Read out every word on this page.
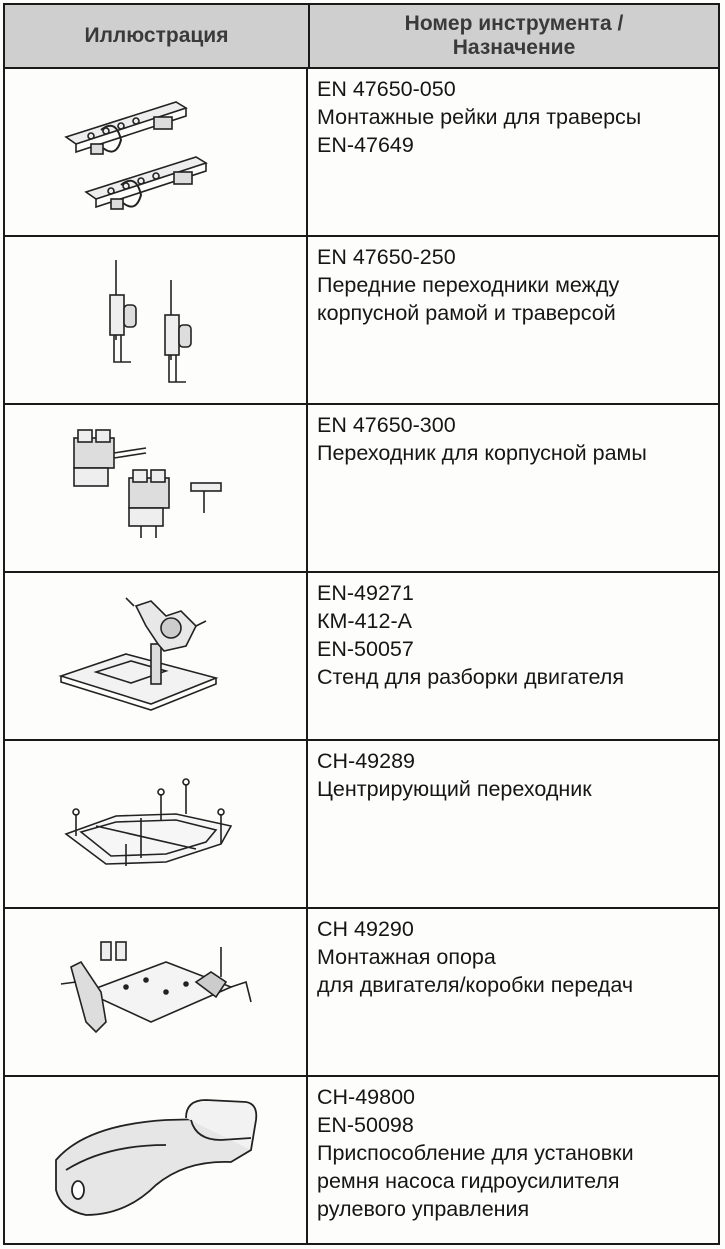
Иллюстрация
Номер инструмента /
Назначение
EN 47650-050
Монтажные рейки для траверсы
EN-47649
EN 47650-250
Передние переходники между
корпусной рамой и траверсой
EN 47650-300
Переходник для корпусной рамы
EN-49271
КМ-412-А
EN-50057
Стенд для разборки двигателя
СН-49289
Центрирующий переходник
СН 49290
Монтажная опора
для двигателя/коробки передач
СН-49800
EN-50098
Приспособление для установки
ремня насоса гидроусилителя
рулевого управления
